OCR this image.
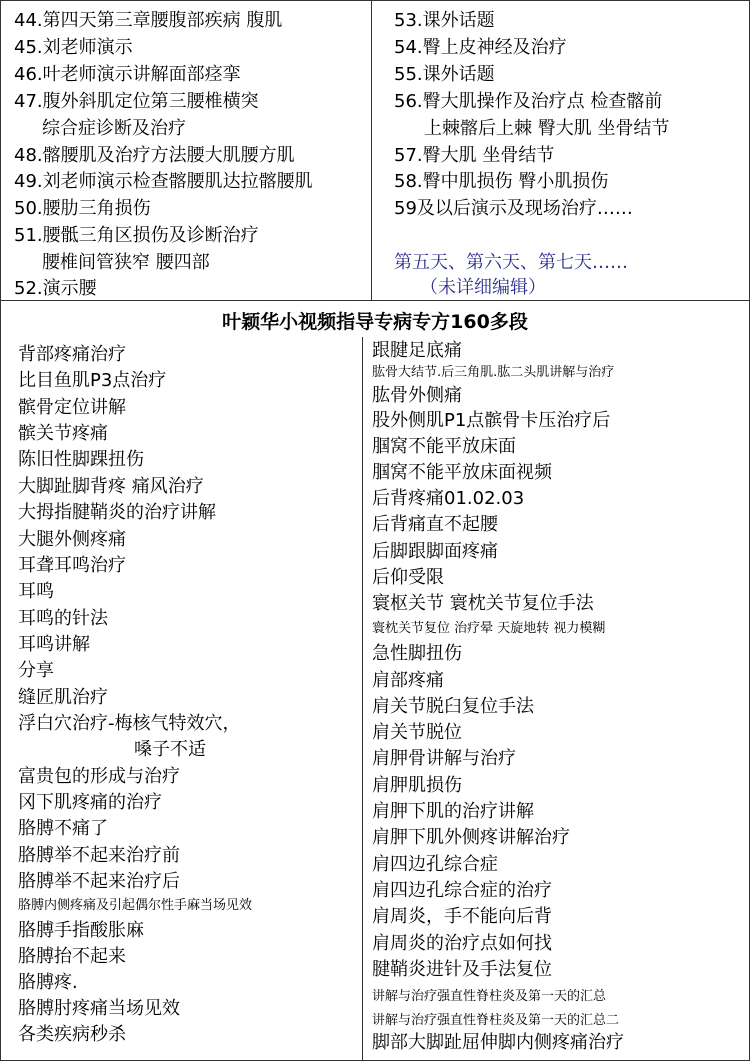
44.第四天第三章腰腹部疾病 腹肌
45.刘老师演示
46.叶老师演示讲解面部痉挛
47.腹外斜肌定位第三腰椎横突
综合症诊断及治疗
48.髂腰肌及治疗方法腰大肌腰方肌
49.刘老师演示检查髂腰肌达拉髂腰肌
50.腰肋三角损伤
51.腰骶三角区损伤及诊断治疗
腰椎间管狭窄 腰四部
52.演示腰
53.课外话题
54.臀上皮神经及治疗
55.课外话题
56.臀大肌操作及治疗点 检查髂前
上棘髂后上棘 臀大肌 坐骨结节
57.臀大肌 坐骨结节
58.臀中肌损伤 臀小肌损伤
59及以后演示及现场治疗……
第五天、第六天、第七天……
（未详细编辑）
叶颖华小视频指导专病专方160多段
背部疼痛治疗
比目鱼肌P3点治疗
髌骨定位讲解
髌关节疼痛
陈旧性脚踝扭伤
大脚趾脚背疼 痛风治疗
大拇指腱鞘炎的治疗讲解
大腿外侧疼痛
耳聋耳鸣治疗
耳鸣
耳鸣的针法
耳鸣讲解
分享
缝匠肌治疗
浮白穴治疗-梅核气特效穴，
嗓子不适
富贵包的形成与治疗
冈下肌疼痛的治疗
胳膊不痛了
胳膊举不起来治疗前
胳膊举不起来治疗后
胳膊内侧疼痛及引起偶尔性手麻当场见效
胳膊手指酸胀麻
胳膊抬不起来
胳膊疼.
胳膊肘疼痛当场见效
各类疾病秒杀
跟腱足底痛
肱骨大结节.后三角肌.肱二头肌讲解与治疗
肱骨外侧痛
股外侧肌P1点髌骨卡压治疗后
腘窝不能平放床面
腘窝不能平放床面视频
后背疼痛01.02.03
后背痛直不起腰
后脚跟脚面疼痛
后仰受限
寰枢关节 寰枕关节复位手法
寰枕关节复位 治疗晕 天旋地转 视力模糊
急性脚扭伤
肩部疼痛
肩关节脱臼复位手法
肩关节脱位
肩胛骨讲解与治疗
肩胛肌损伤
肩胛下肌的治疗讲解
肩胛下肌外侧疼讲解治疗
肩四边孔综合症
肩四边孔综合症的治疗
肩周炎，手不能向后背
肩周炎的治疗点如何找
腱鞘炎进针及手法复位
讲解与治疗强直性脊柱炎及第一天的汇总
讲解与治疗强直性脊柱炎及第一天的汇总二
脚部大脚趾屈伸脚内侧疼痛治疗
